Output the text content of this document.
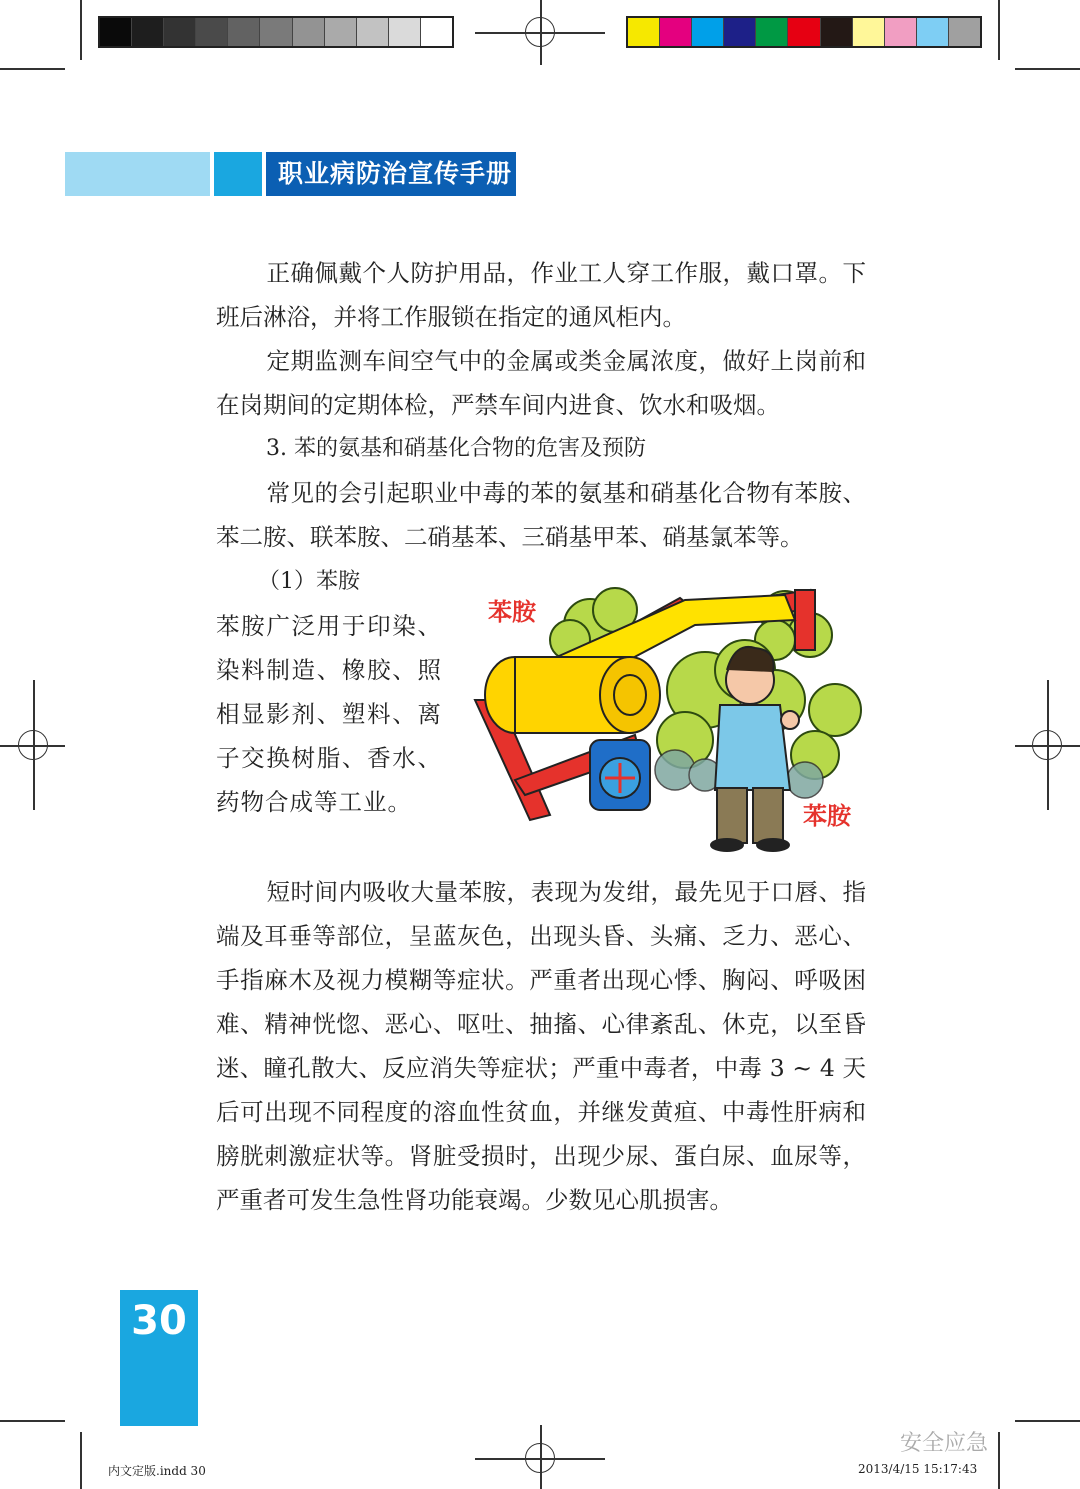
职业病防治宣传手册

正确佩戴个人防护用品，作业工人穿工作服，戴口罩。下班后淋浴，并将工作服锁在指定的通风柜内。

定期监测车间空气中的金属或类金属浓度，做好上岗前和在岗期间的定期体检，严禁车间内进食、饮水和吸烟。

3. 苯的氨基和硝基化合物的危害及预防

常见的会引起职业中毒的苯的氨基和硝基化合物有苯胺、苯二胺、联苯胺、二硝基苯、三硝基甲苯、硝基氯苯等。

（1）苯胺

苯胺广泛用于印染、染料制造、橡胶、照相显影剂、塑料、离子交换树脂、香水、药物合成等工业。

苯胺
苯胺

短时间内吸收大量苯胺，表现为发绀，最先见于口唇、指端及耳垂等部位，呈蓝灰色，出现头昏、头痛、乏力、恶心、手指麻木及视力模糊等症状。严重者出现心悸、胸闷、呼吸困难、精神恍惚、恶心、呕吐、抽搐、心律紊乱、休克，以至昏迷、瞳孔散大、反应消失等症状；严重中毒者，中毒 3 ~ 4 天后可出现不同程度的溶血性贫血，并继发黄疸、中毒性肝病和膀胱刺激症状等。肾脏受损时，出现少尿、蛋白尿、血尿等，严重者可发生急性肾功能衰竭。少数见心肌损害。

30
内文定版.indd 30	2013/4/15 15:17:43
安全应急
